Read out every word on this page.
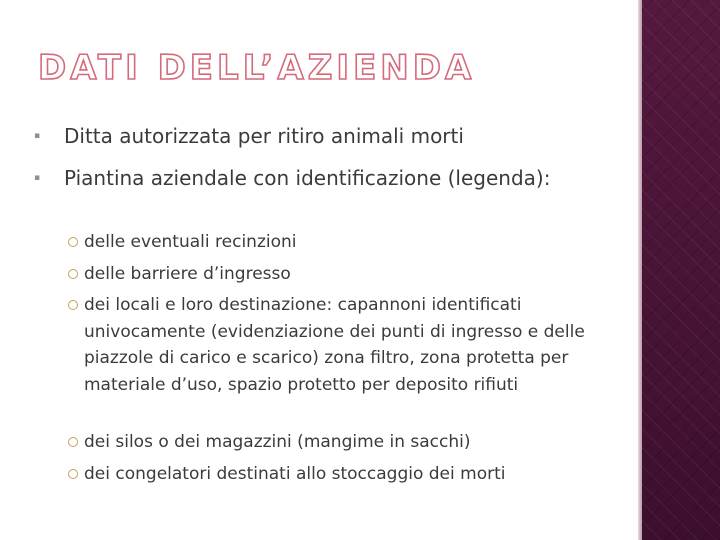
DATI DELL’AZIENDA
▪ Ditta autorizzata per ritiro animali morti
▪ Piantina aziendale con identificazione (legenda):
delle eventuali recinzioni
delle barriere d’ingresso
dei locali e loro destinazione: capannoni identificati univocamente (evidenziazione dei punti di ingresso e delle piazzole di carico e scarico) zona filtro, zona protetta per materiale d’uso, spazio protetto per deposito rifiuti
dei silos o dei magazzini (mangime in sacchi)
dei congelatori destinati allo stoccaggio dei morti
